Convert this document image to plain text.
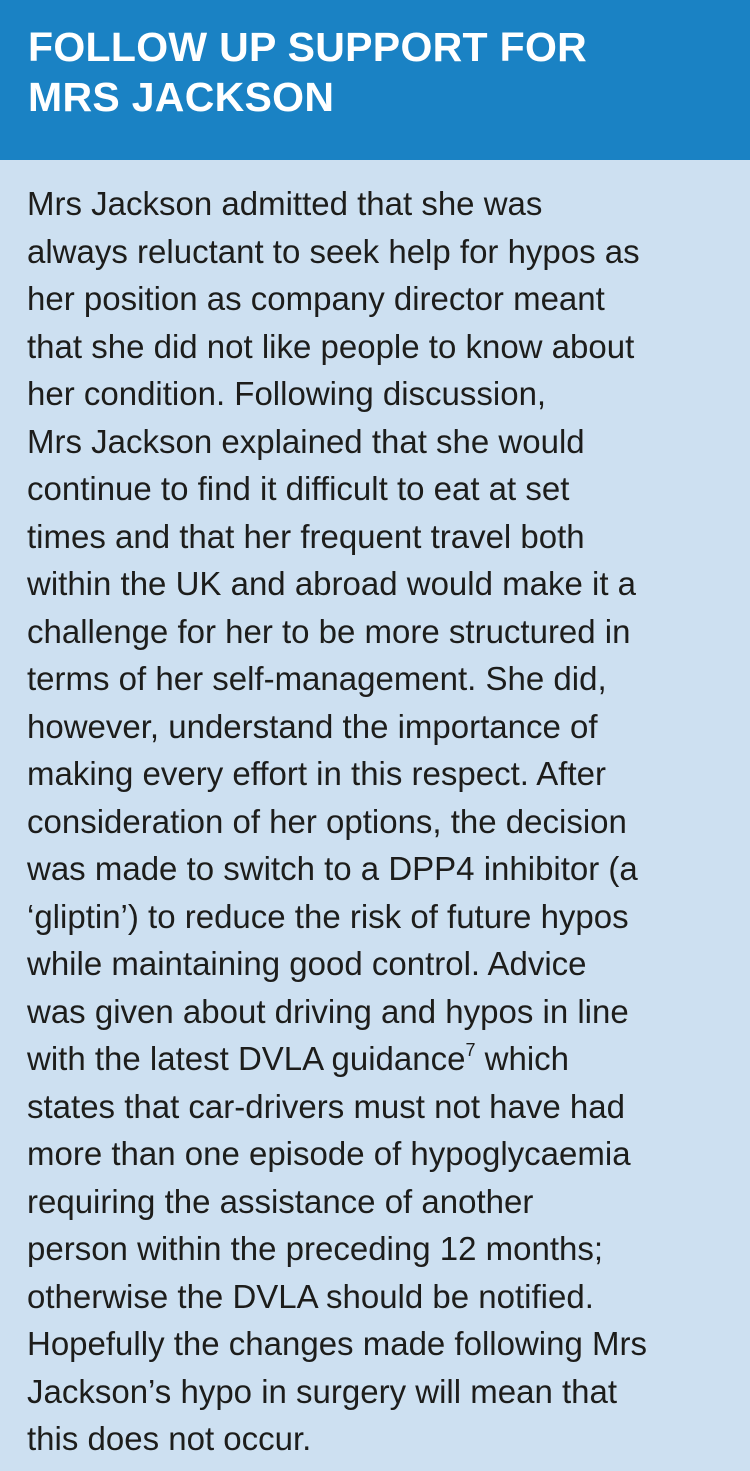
FOLLOW UP SUPPORT FOR
MRS JACKSON
Mrs Jackson admitted that she was
always reluctant to seek help for hypos as
her position as company director meant
that she did not like people to know about
her condition. Following discussion,
Mrs Jackson explained that she would
continue to find it difficult to eat at set
times and that her frequent travel both
within the UK and abroad would make it a
challenge for her to be more structured in
terms of her self-management. She did,
however, understand the importance of
making every effort in this respect. After
consideration of her options, the decision
was made to switch to a DPP4 inhibitor (a
‘gliptin’) to reduce the risk of future hypos
while maintaining good control. Advice
was given about driving and hypos in line
with the latest DVLA guidance$^7$ which
states that car-drivers must not have had
more than one episode of hypoglycaemia
requiring the assistance of another
person within the preceding 12 months;
otherwise the DVLA should be notified.
Hopefully the changes made following Mrs
Jackson’s hypo in surgery will mean that
this does not occur.
